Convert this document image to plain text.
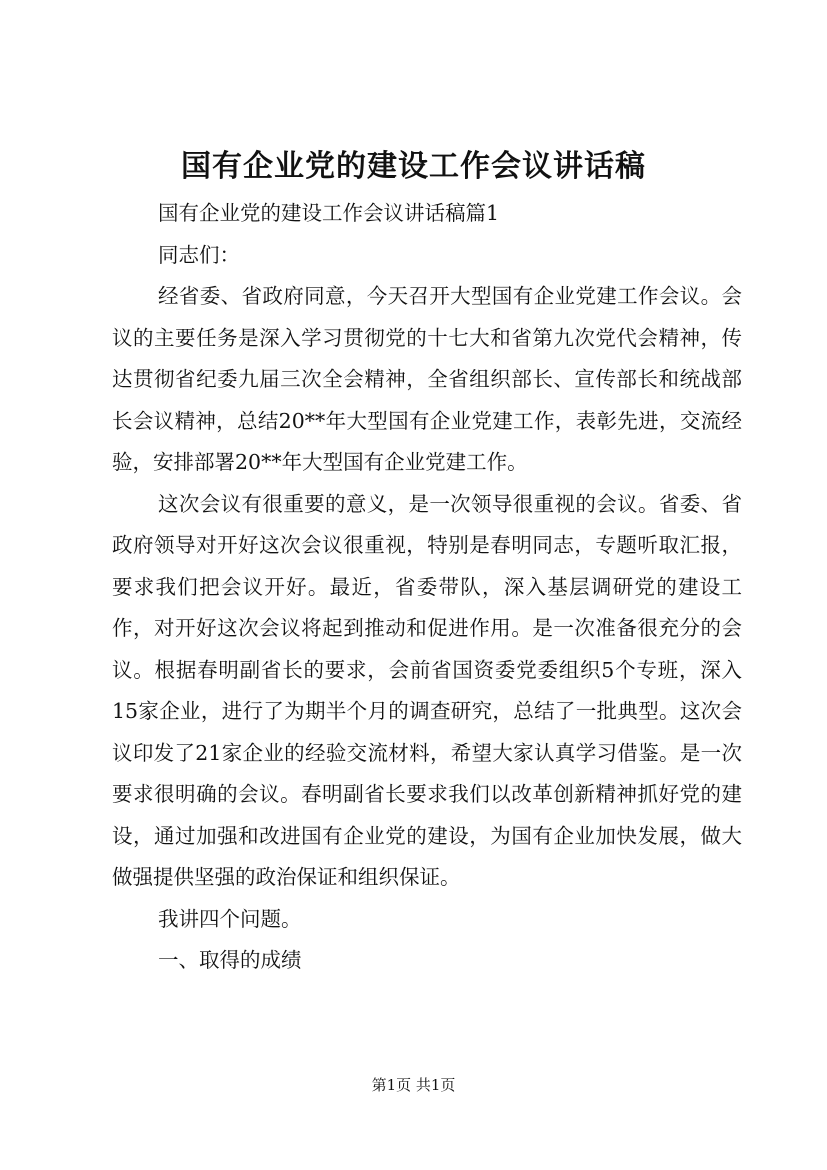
国有企业党的建设工作会议讲话稿

国有企业党的建设工作会议讲话稿篇1

同志们：

经省委、省政府同意，今天召开大型国有企业党建工作会议。会议的主要任务是深入学习贯彻党的十七大和省第九次党代会精神，传达贯彻省纪委九届三次全会精神，全省组织部长、宣传部长和统战部长会议精神，总结20**年大型国有企业党建工作，表彰先进，交流经验，安排部署20**年大型国有企业党建工作。

这次会议有很重要的意义，是一次领导很重视的会议。省委、省政府领导对开好这次会议很重视，特别是春明同志，专题听取汇报，要求我们把会议开好。最近，省委带队，深入基层调研党的建设工作，对开好这次会议将起到推动和促进作用。是一次准备很充分的会议。根据春明副省长的要求，会前省国资委党委组织5个专班，深入15家企业，进行了为期半个月的调查研究，总结了一批典型。这次会议印发了21家企业的经验交流材料，希望大家认真学习借鉴。是一次要求很明确的会议。春明副省长要求我们以改革创新精神抓好党的建设，通过加强和改进国有企业党的建设，为国有企业加快发展，做大做强提供坚强的政治保证和组织保证。

我讲四个问题。

一、取得的成绩

第1页 共1页
